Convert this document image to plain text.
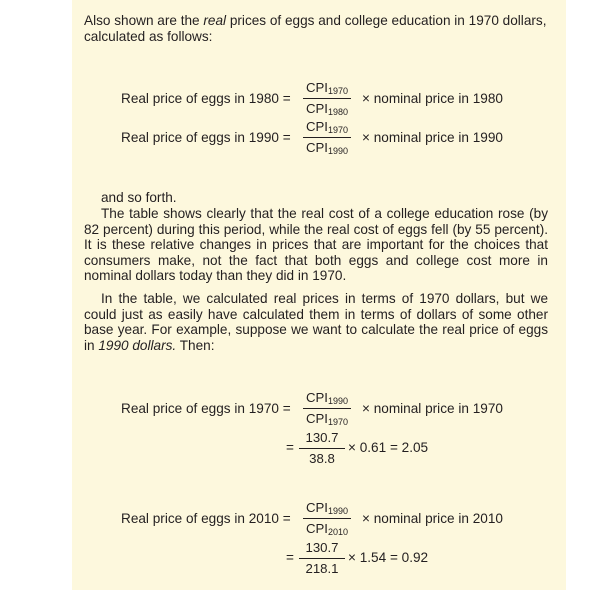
Also shown are the real prices of eggs and college education in 1970 dollars,
calculated as follows:
Real price of eggs in 1980 =
$CPI_{1970}$
$CPI_{1980}$
× nominal price in 1980
Real price of eggs in 1990 =
$CPI_{1970}$
$CPI_{1990}$
× nominal price in 1990
and so forth.
The table shows clearly that the real cost of a college education rose (by 82 percent) during this period, while the real cost of eggs fell (by 55 percent). It is these relative changes in prices that are important for the choices that consumers make, not the fact that both eggs and college cost more in nominal dollars today than they did in 1970.
In the table, we calculated real prices in terms of 1970 dollars, but we could just as easily have calculated them in terms of dollars of some other base year. For example, suppose we want to calculate the real price of eggs in 1990 dollars. Then:
Real price of eggs in 1970 =
$CPI_{1990}$
$CPI_{1970}$
× nominal price in 1970
= $\frac{130.7}{38.8} \times 0.61 = 2.05$
Real price of eggs in 2010 =
$CPI_{1990}$
$CPI_{2010}$
× nominal price in 2010
= $\frac{130.7}{218.1} \times 1.54 = 0.92$
